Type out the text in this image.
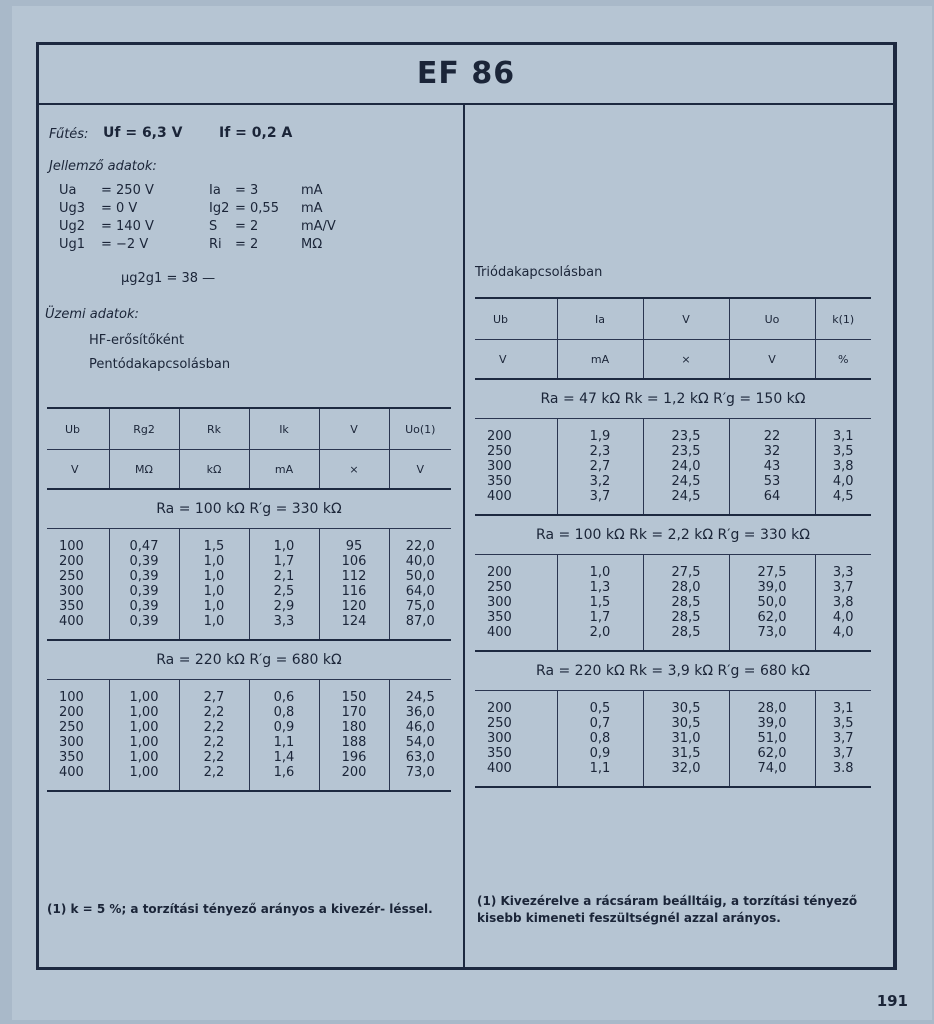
EF 86
Fűtés: Uf = 6,3 V	If = 0,2 A
Jellemző adatok:
Ua = 250 V	Ia = 3	mA
Ug3 = 0 V	Ig2 = 0,55 mA
Ug2 = 140 V	S = 2	mA/V
Ug1 = −2 V	Ri = 2	MΩ
μg2g1 = 38 —
Üzemi adatok:
HF-erősítőként
Pentódakapcsolásban
Ub	Rg2	Rk	Ik	V	Uo(1)
V	MΩ	kΩ	mA	×	V
Ra = 100 kΩ R′g = 330 kΩ					

100	0,47	1,5	1,0	95	22,0
200	0,39	1,0	1,7	106	40,0
250	0,39	1,0	2,1	112	50,0
300	0,39	1,0	2,5	116	64,0
350	0,39	1,0	2,9	120	75,0
400	0,39	1,0	3,3	124	87,0

Ra = 220 kΩ R′g = 680 kΩ					

100	1,00	2,7	0,6	150	24,5
200	1,00	2,2	0,8	170	36,0
250	1,00	2,2	0,9	180	46,0
300	1,00	2,2	1,1	188	54,0
350	1,00	2,2	1,4	196	63,0
400	1,00	2,2	1,6	200	73,0

(1) k = 5 %; a torzítási tényező arányos a kivezér- léssel.
Triódakapcsolásban
Ub	Ia	V	Uo	k(1)
V	mA	×	V	%
Ra = 47 kΩ Rk = 1,2 kΩ R′g = 150 kΩ				

200	1,9	23,5	22	3,1
250	2,3	23,5	32	3,5
300	2,7	24,0	43	3,8
350	3,2	24,5	53	4,0
400	3,7	24,5	64	4,5

Ra = 100 kΩ Rk = 2,2 kΩ R′g = 330 kΩ				

200	1,0	27,5	27,5	3,3
250	1,3	28,0	39,0	3,7
300	1,5	28,5	50,0	3,8
350	1,7	28,5	62,0	4,0
400	2,0	28,5	73,0	4,0

Ra = 220 kΩ Rk = 3,9 kΩ R′g = 680 kΩ				

200	0,5	30,5	28,0	3,1
250	0,7	30,5	39,0	3,5
300	0,8	31,0	51,0	3,7
350	0,9	31,5	62,0	3,7
400	1,1	32,0	74,0	3.8

(1) Kivezérelve a rácsáram beálltáig, a torzítási tényező kisebb kimeneti feszültségnél azzal arányos.
191
